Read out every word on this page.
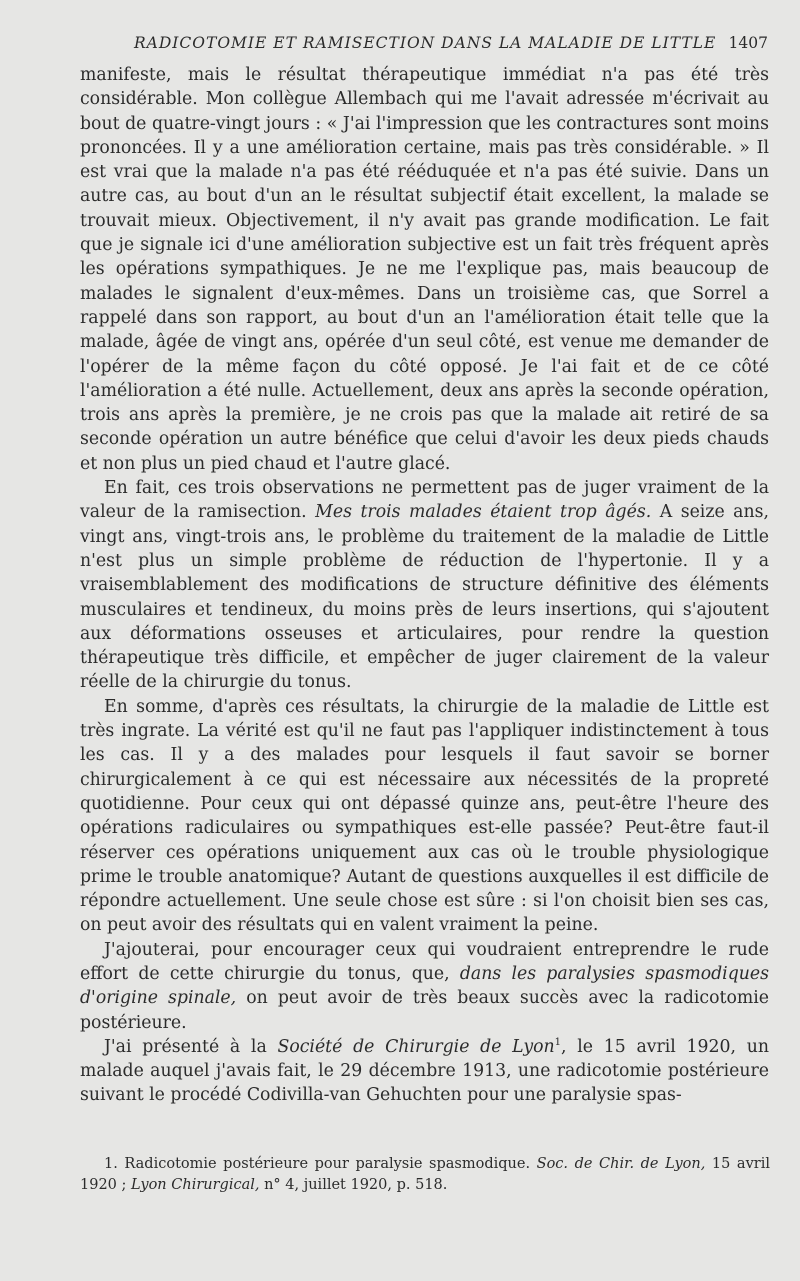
RADICOTOMIE ET RAMISECTION DANS LA MALADIE DE LITTLE 1407

manifeste, mais le résultat thérapeutique immédiat n'a pas été très considérable. Mon collègue Allembach qui me l'avait adressée m'écrivait au bout de quatre-vingt jours : « J'ai l'impression que les contractures sont moins prononcées. Il y a une amélioration certaine, mais pas très considérable. » Il est vrai que la malade n'a pas été rééduquée et n'a pas été suivie. Dans un autre cas, au bout d'un an le résultat subjectif était excellent, la malade se trouvait mieux. Objectivement, il n'y avait pas grande modification. Le fait que je signale ici d'une amélioration subjective est un fait très fréquent après les opérations sympathiques. Je ne me l'explique pas, mais beaucoup de malades le signalent d'eux-mêmes. Dans un troisième cas, que Sorrel a rappelé dans son rapport, au bout d'un an l'amélioration était telle que la malade, âgée de vingt ans, opérée d'un seul côté, est venue me demander de l'opérer de la même façon du côté opposé. Je l'ai fait et de ce côté l'amélioration a été nulle. Actuellement, deux ans après la seconde opération, trois ans après la première, je ne crois pas que la malade ait retiré de sa seconde opération un autre bénéfice que celui d'avoir les deux pieds chauds et non plus un pied chaud et l'autre glacé.

En fait, ces trois observations ne permettent pas de juger vraiment de la valeur de la ramisection. Mes trois malades étaient trop âgés. A seize ans, vingt ans, vingt-trois ans, le problème du traitement de la maladie de Little n'est plus un simple problème de réduction de l'hypertonie. Il y a vraisemblablement des modifications de structure définitive des éléments musculaires et tendineux, du moins près de leurs insertions, qui s'ajoutent aux déformations osseuses et articulaires, pour rendre la question thérapeutique très difficile, et empêcher de juger clairement de la valeur réelle de la chirurgie du tonus.

En somme, d'après ces résultats, la chirurgie de la maladie de Little est très ingrate. La vérité est qu'il ne faut pas l'appliquer indistinctement à tous les cas. Il y a des malades pour lesquels il faut savoir se borner chirurgicalement à ce qui est nécessaire aux nécessités de la propreté quotidienne. Pour ceux qui ont dépassé quinze ans, peut-être l'heure des opérations radiculaires ou sympathiques est-elle passée? Peut-être faut-il réserver ces opérations uniquement aux cas où le trouble physiologique prime le trouble anatomique? Autant de questions auxquelles il est difficile de répondre actuellement. Une seule chose est sûre : si l'on choisit bien ses cas, on peut avoir des résultats qui en valent vraiment la peine.

J'ajouterai, pour encourager ceux qui voudraient entreprendre le rude effort de cette chirurgie du tonus, que, dans les paralysies spasmodiques d'origine spinale, on peut avoir de très beaux succès avec la radicotomie postérieure.

J'ai présenté à la Société de Chirurgie de Lyon$^1$, le 15 avril 1920, un malade auquel j'avais fait, le 29 décembre 1913, une radicotomie postérieure suivant le procédé Codivilla-van Gehuchten pour une paralysie spas-

1. Radicotomie postérieure pour paralysie spasmodique. Soc. de Chir. de Lyon, 15 avril 1920 ; Lyon Chirurgical, n° 4, juillet 1920, p. 518.
